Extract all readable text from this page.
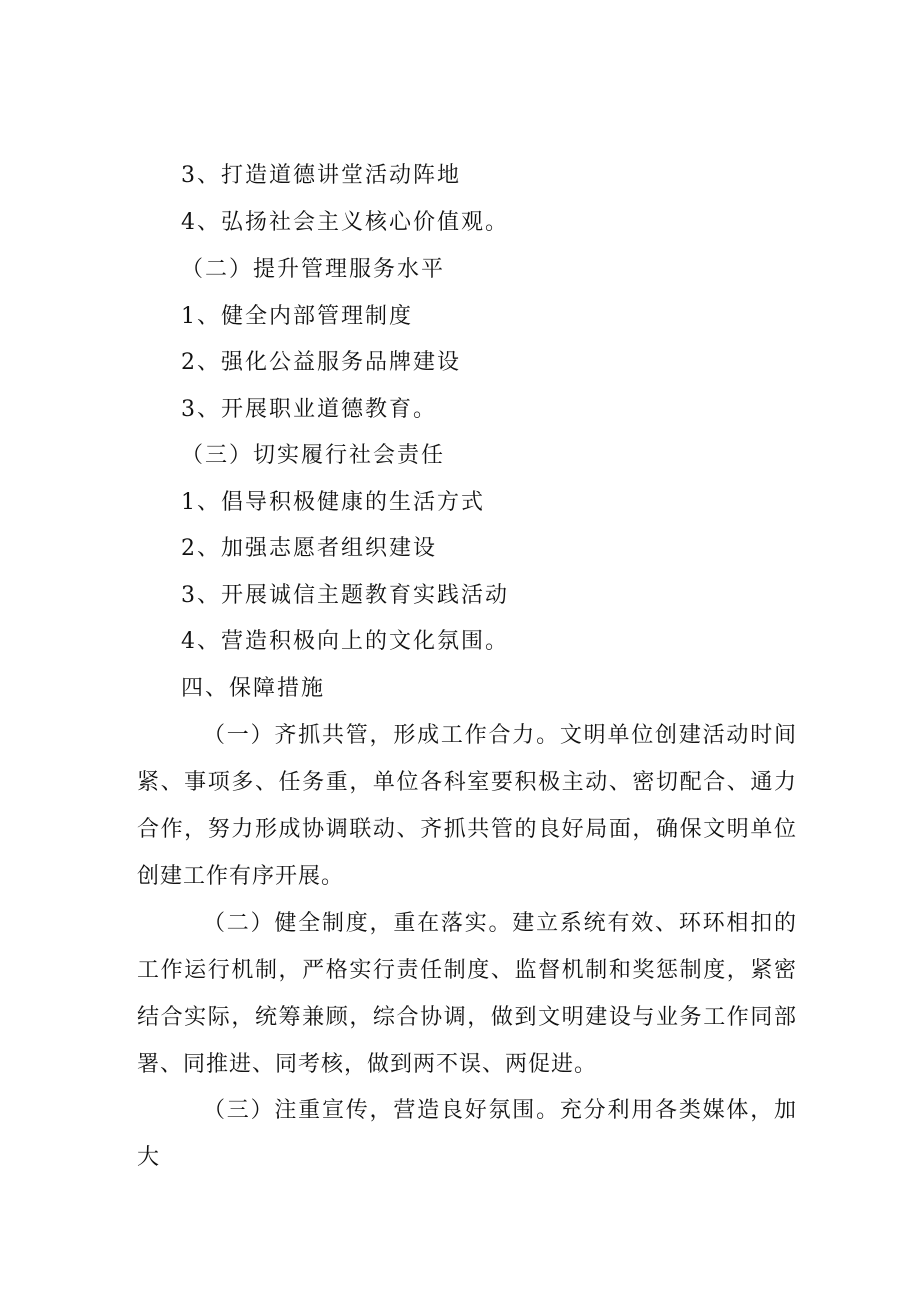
3、打造道德讲堂活动阵地
4、弘扬社会主义核心价值观。
（二）提升管理服务水平
1、健全内部管理制度
2、强化公益服务品牌建设
3、开展职业道德教育。
（三）切实履行社会责任
1、倡导积极健康的生活方式
2、加强志愿者组织建设
3、开展诚信主题教育实践活动
4、营造积极向上的文化氛围。
四、保障措施
（一）齐抓共管，形成工作合力。文明单位创建活动时间紧、事项多、任务重，单位各科室要积极主动、密切配合、通力合作，努力形成协调联动、齐抓共管的良好局面，确保文明单位创建工作有序开展。
（二）健全制度，重在落实。建立系统有效、环环相扣的工作运行机制，严格实行责任制度、监督机制和奖惩制度，紧密结合实际，统筹兼顾，综合协调，做到文明建设与业务工作同部署、同推进、同考核，做到两不误、两促进。
（三）注重宣传，营造良好氛围。充分利用各类媒体，加大
